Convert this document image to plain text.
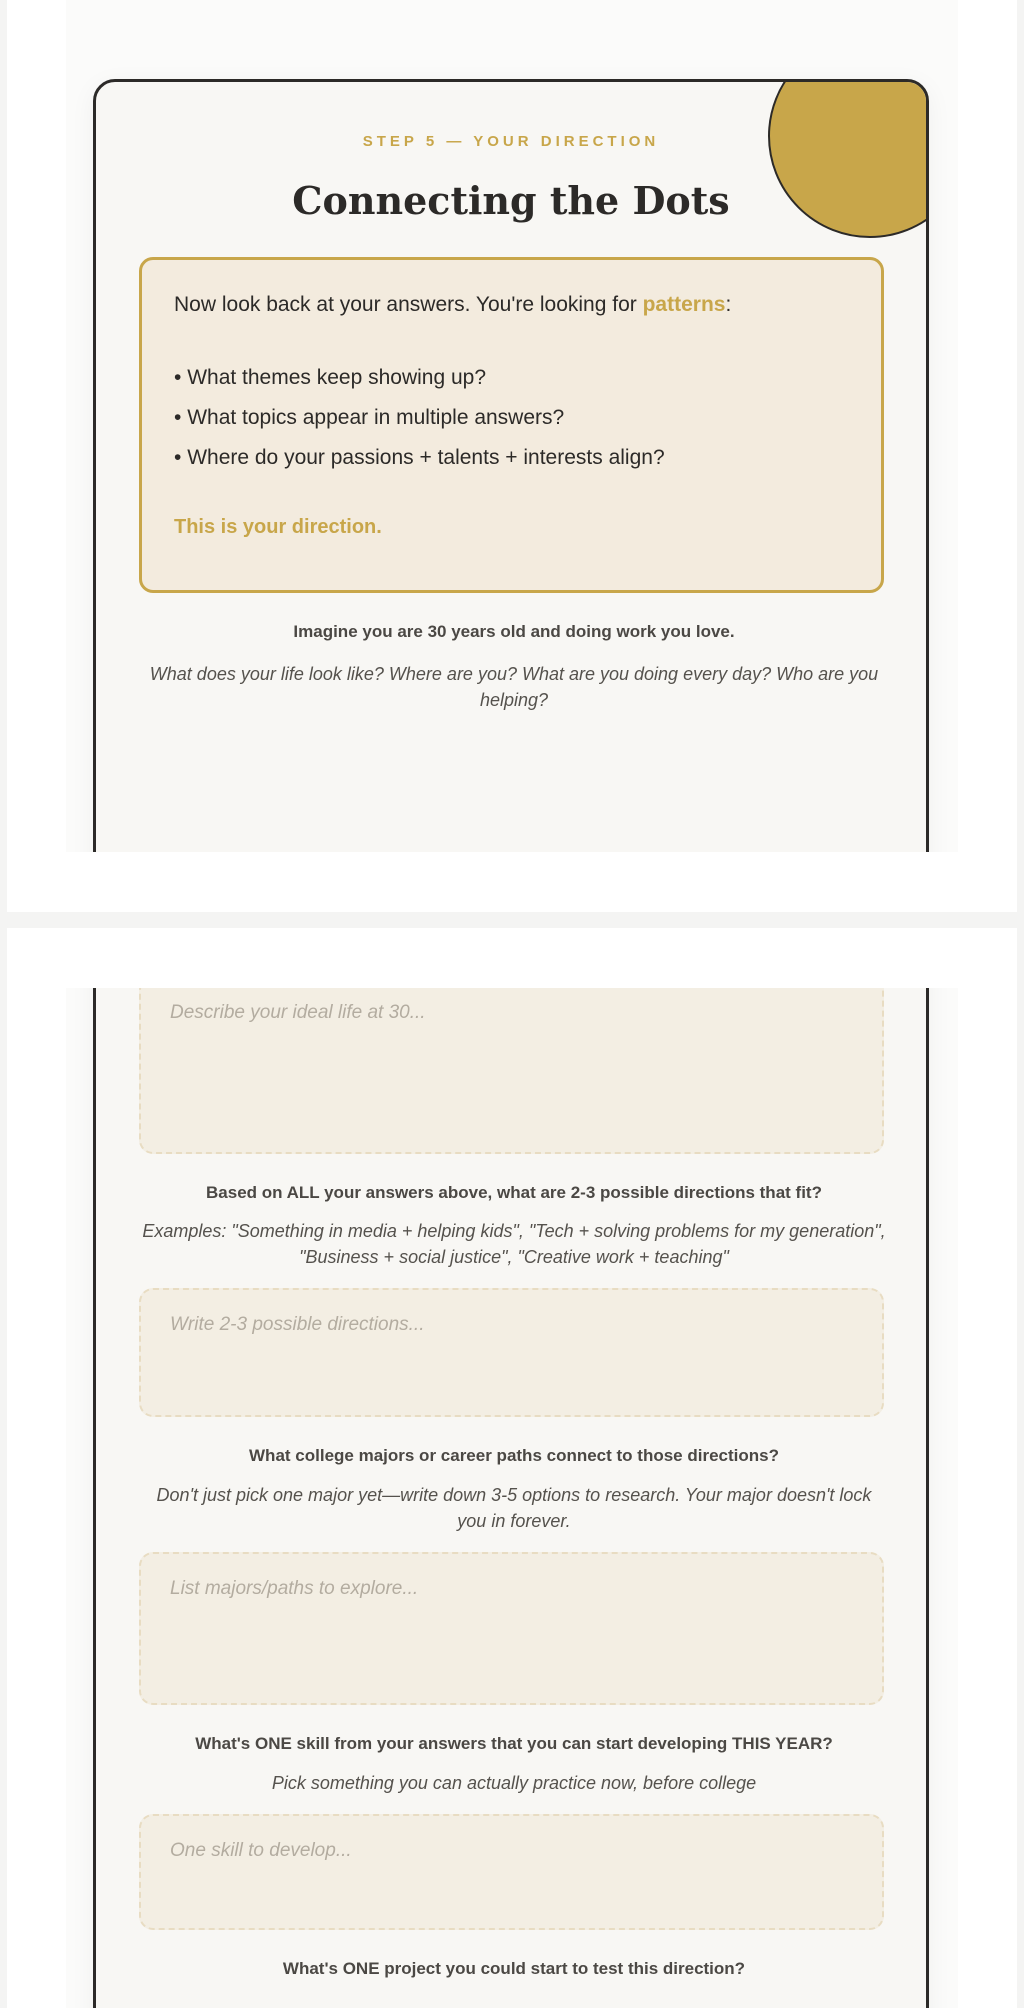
STEP 5 — YOUR DIRECTION
Connecting the Dots

Now look back at your answers. You're looking for patterns:

• What themes keep showing up?
• What topics appear in multiple answers?
• Where do your passions + talents + interests align?

This is your direction.

Imagine you are 30 years old and doing work you love.
What does your life look like? Where are you? What are you doing every day? Who are you helping?
Describe your ideal life at 30...
Based on ALL your answers above, what are 2-3 possible directions that fit?
Examples: "Something in media + helping kids", "Tech + solving problems for my generation", "Business + social justice", "Creative work + teaching"
Write 2-3 possible directions...
What college majors or career paths connect to those directions?
Don't just pick one major yet—write down 3-5 options to research. Your major doesn't lock you in forever.
List majors/paths to explore...
What's ONE skill from your answers that you can start developing THIS YEAR?
Pick something you can actually practice now, before college
One skill to develop...
What's ONE project you could start to test this direction?
